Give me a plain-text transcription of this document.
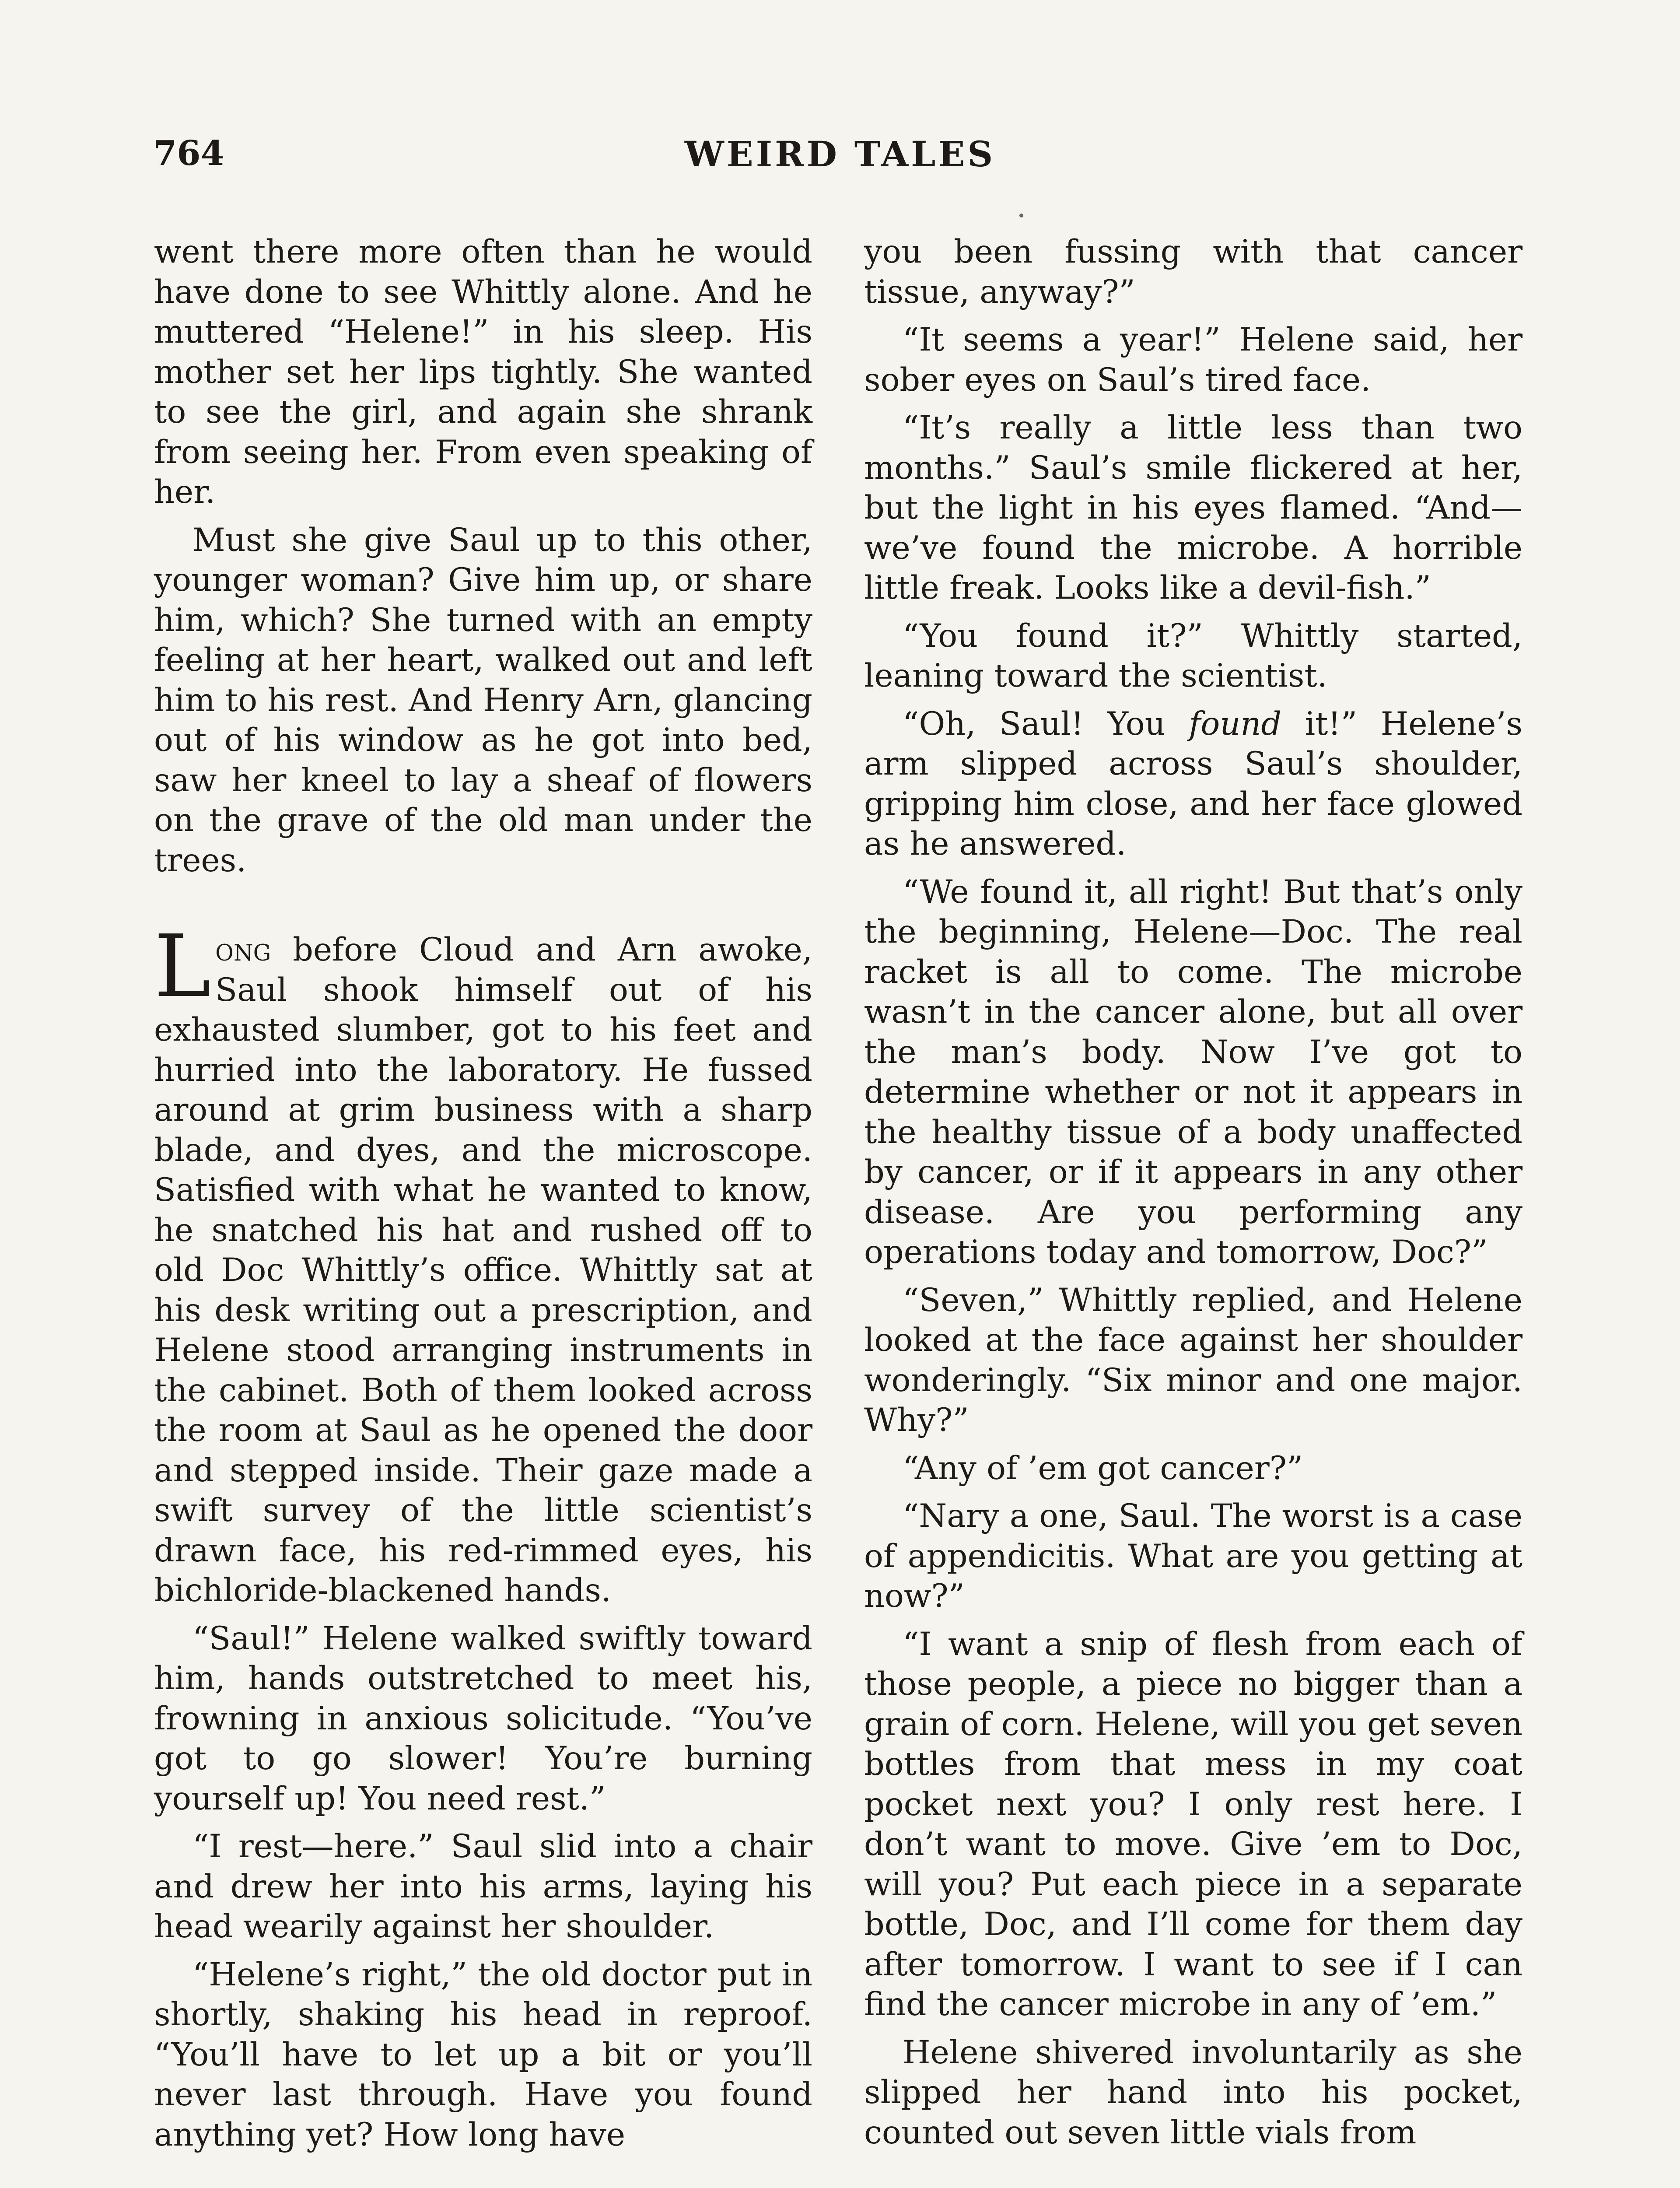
764	WEIRD TALES

went there more often than he would have done to see Whittly alone. And he muttered “Helene!” in his sleep. His mother set her lips tightly. She wanted to see the girl, and again she shrank from seeing her. From even speaking of her.

Must she give Saul up to this other, younger woman? Give him up, or share him, which? She turned with an empty feeling at her heart, walked out and left him to his rest. And Henry Arn, glancing out of his window as he got into bed, saw her kneel to lay a sheaf of flowers on the grave of the old man under the trees.

Long before Cloud and Arn awoke, Saul shook himself out of his exhausted slumber, got to his feet and hurried into the laboratory. He fussed around at grim business with a sharp blade, and dyes, and the microscope. Satisfied with what he wanted to know, he snatched his hat and rushed off to old Doc Whittly’s office. Whittly sat at his desk writing out a prescription, and Helene stood arranging instruments in the cabinet. Both of them looked across the room at Saul as he opened the door and stepped inside. Their gaze made a swift survey of the little scientist’s drawn face, his red-rimmed eyes, his bichloride-blackened hands.

“Saul!” Helene walked swiftly toward him, hands outstretched to meet his, frowning in anxious solicitude. “You’ve got to go slower! You’re burning yourself up! You need rest.”

“I rest—here.” Saul slid into a chair and drew her into his arms, laying his head wearily against her shoulder.

“Helene’s right,” the old doctor put in shortly, shaking his head in reproof. “You’ll have to let up a bit or you’ll never last through. Have you found anything yet? How long have

you been fussing with that cancer tissue, anyway?”

“It seems a year!” Helene said, her sober eyes on Saul’s tired face.

“It’s really a little less than two months.” Saul’s smile flickered at her, but the light in his eyes flamed. “And—we’ve found the microbe. A horrible little freak. Looks like a devil-fish.”

“You found it?” Whittly started, leaning toward the scientist.

“Oh, Saul! You found it!” Helene’s arm slipped across Saul’s shoulder, gripping him close, and her face glowed as he answered.

“We found it, all right! But that’s only the beginning, Helene—Doc. The real racket is all to come. The microbe wasn’t in the cancer alone, but all over the man’s body. Now I’ve got to determine whether or not it appears in the healthy tissue of a body unaffected by cancer, or if it appears in any other disease. Are you performing any operations today and tomorrow, Doc?”

“Seven,” Whittly replied, and Helene looked at the face against her shoulder wonderingly. “Six minor and one major. Why?”

“Any of ’em got cancer?”

“Nary a one, Saul. The worst is a case of appendicitis. What are you getting at now?”

“I want a snip of flesh from each of those people, a piece no bigger than a grain of corn. Helene, will you get seven bottles from that mess in my coat pocket next you? I only rest here. I don’t want to move. Give ’em to Doc, will you? Put each piece in a separate bottle, Doc, and I’ll come for them day after tomorrow. I want to see if I can find the cancer microbe in any of ’em.”

Helene shivered involuntarily as she slipped her hand into his pocket, counted out seven little vials from
